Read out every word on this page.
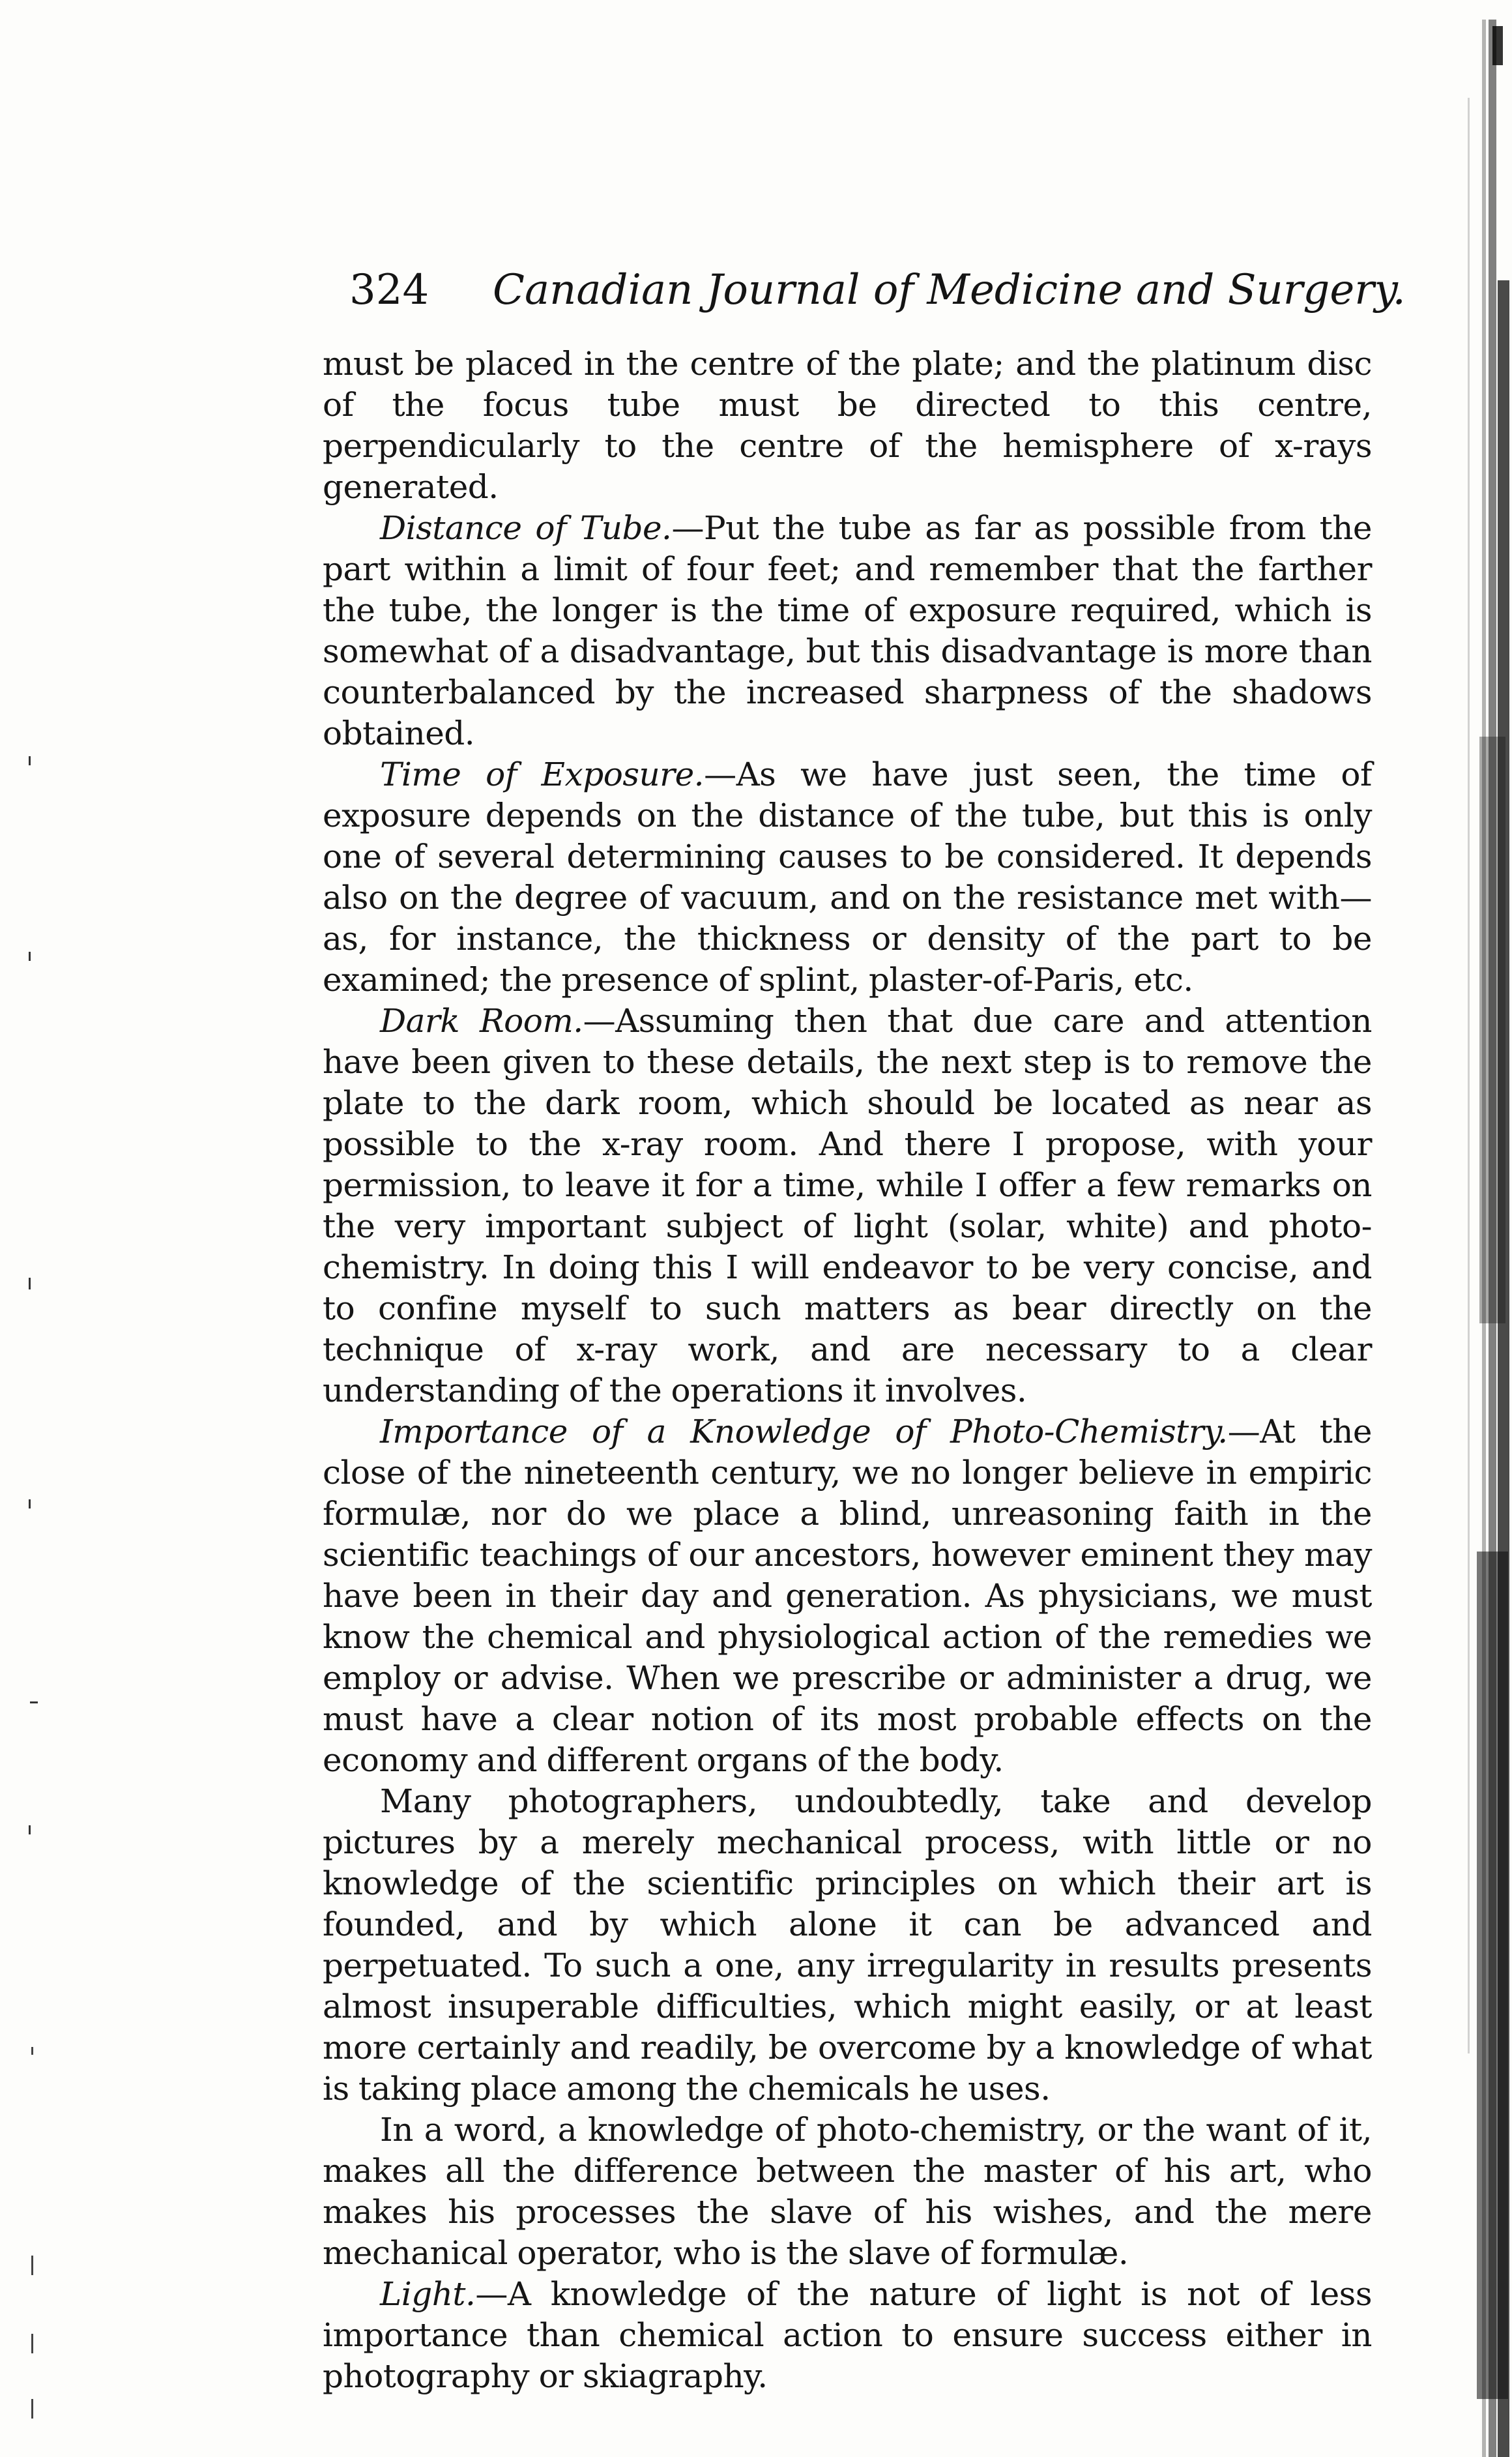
324 Canadian Journal of Medicine and Surgery.

must be placed in the centre of the plate; and the platinum disc of the focus tube must be directed to this centre, perpendicularly to the centre of the hemisphere of x-rays generated.

Distance of Tube.—Put the tube as far as possible from the part within a limit of four feet; and remember that the farther the tube, the longer is the time of exposure required, which is somewhat of a disadvantage, but this disadvantage is more than counterbalanced by the increased sharpness of the shadows obtained.

Time of Exposure.—As we have just seen, the time of exposure depends on the distance of the tube, but this is only one of several determining causes to be considered. It depends also on the degree of vacuum, and on the resistance met with—as, for instance, the thickness or density of the part to be examined; the presence of splint, plaster-of-Paris, etc.

Dark Room.—Assuming then that due care and attention have been given to these details, the next step is to remove the plate to the dark room, which should be located as near as possible to the x-ray room. And there I propose, with your permission, to leave it for a time, while I offer a few remarks on the very important subject of light (solar, white) and photo-chemistry. In doing this I will endeavor to be very concise, and to confine myself to such matters as bear directly on the technique of x-ray work, and are necessary to a clear understanding of the operations it involves.

Importance of a Knowledge of Photo-Chemistry.—At the close of the nineteenth century, we no longer believe in empiric formulæ, nor do we place a blind, unreasoning faith in the scientific teachings of our ancestors, however eminent they may have been in their day and generation. As physicians, we must know the chemical and physiological action of the remedies we employ or advise. When we prescribe or administer a drug, we must have a clear notion of its most probable effects on the economy and different organs of the body.

Many photographers, undoubtedly, take and develop pictures by a merely mechanical process, with little or no knowledge of the scientific principles on which their art is founded, and by which alone it can be advanced and perpetuated. To such a one, any irregularity in results presents almost insuperable difficulties, which might easily, or at least more certainly and readily, be overcome by a knowledge of what is taking place among the chemicals he uses.

In a word, a knowledge of photo-chemistry, or the want of it, makes all the difference between the master of his art, who makes his processes the slave of his wishes, and the mere mechanical operator, who is the slave of formulæ.

Light.—A knowledge of the nature of light is not of less importance than chemical action to ensure success either in photography or skiagraphy.
